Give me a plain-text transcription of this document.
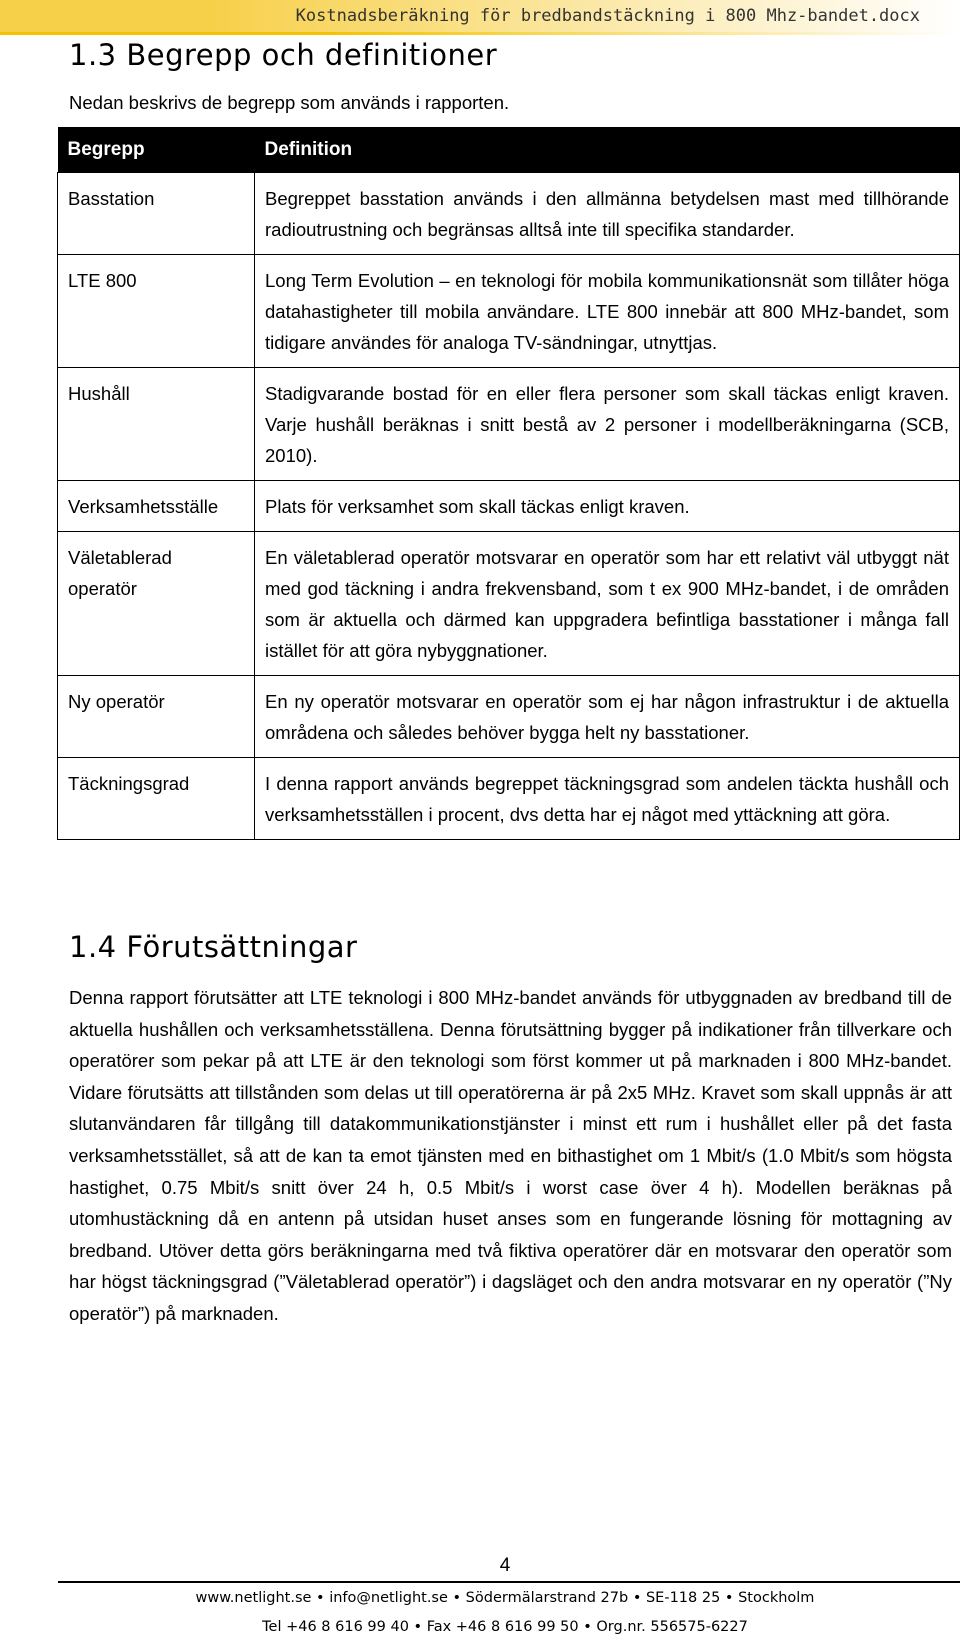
Kostnadsberäkning för bredbandstäckning i 800 Mhz-bandet.docx
1.3 Begrepp och definitioner
Nedan beskrivs de begrepp som används i rapporten.
Begrepp	Definition
Basstation	Begreppet basstation används i den allmänna betydelsen mast med tillhörande radioutrustning och begränsas alltså inte till specifika standarder.
LTE 800	Long Term Evolution – en teknologi för mobila kommunikationsnät som tillåter höga datahastigheter till mobila användare. LTE 800 innebär att 800 MHz-bandet, som tidigare användes för analoga TV-sändningar, utnyttjas.
Hushåll	Stadigvarande bostad för en eller flera personer som skall täckas enligt kraven. Varje hushåll beräknas i snitt bestå av 2 personer i modellberäkningarna (SCB, 2010).
Verksamhetsställe	Plats för verksamhet som skall täckas enligt kraven.
Väletablerad operatör	En väletablerad operatör motsvarar en operatör som har ett relativt väl utbyggt nät med god täckning i andra frekvensband, som t ex 900 MHz-bandet, i de områden som är aktuella och därmed kan uppgradera befintliga basstationer i många fall istället för att göra nybyggnationer.
Ny operatör	En ny operatör motsvarar en operatör som ej har någon infrastruktur i de aktuella områdena och således behöver bygga helt ny basstationer.
Täckningsgrad	I denna rapport används begreppet täckningsgrad som andelen täckta hushåll och verksamhetsställen i procent, dvs detta har ej något med yttäckning att göra.
1.4 Förutsättningar

Denna rapport förutsätter att LTE teknologi i 800 MHz-bandet används för utbyggnaden av bredband till de aktuella hushållen och verksamhetsställena. Denna förutsättning bygger på indikationer från tillverkare och operatörer som pekar på att LTE är den teknologi som först kommer ut på marknaden i 800 MHz-bandet. Vidare förutsätts att tillstånden som delas ut till operatörerna är på 2x5 MHz. Kravet som skall uppnås är att slutanvändaren får tillgång till datakommunikationstjänster i minst ett rum i hushållet eller på det fasta verksamhetsstället, så att de kan ta emot tjänsten med en bithastighet om 1 Mbit/s (1.0 Mbit/s som högsta hastighet, 0.75 Mbit/s snitt över 24 h, 0.5 Mbit/s i worst case över 4 h). Modellen beräknas på utomhustäckning då en antenn på utsidan huset anses som en fungerande lösning för mottagning av bredband. Utöver detta görs beräkningarna med två fiktiva operatörer där en motsvarar den operatör som har högst täckningsgrad (”Väletablerad operatör”) i dagsläget och den andra motsvarar en ny operatör (”Ny operatör”) på marknaden.

4
www.netlight.se • info@netlight.se • Södermälarstrand 27b • SE-118 25 • Stockholm
Tel +46 8 616 99 40 • Fax +46 8 616 99 50 • Org.nr. 556575-6227
